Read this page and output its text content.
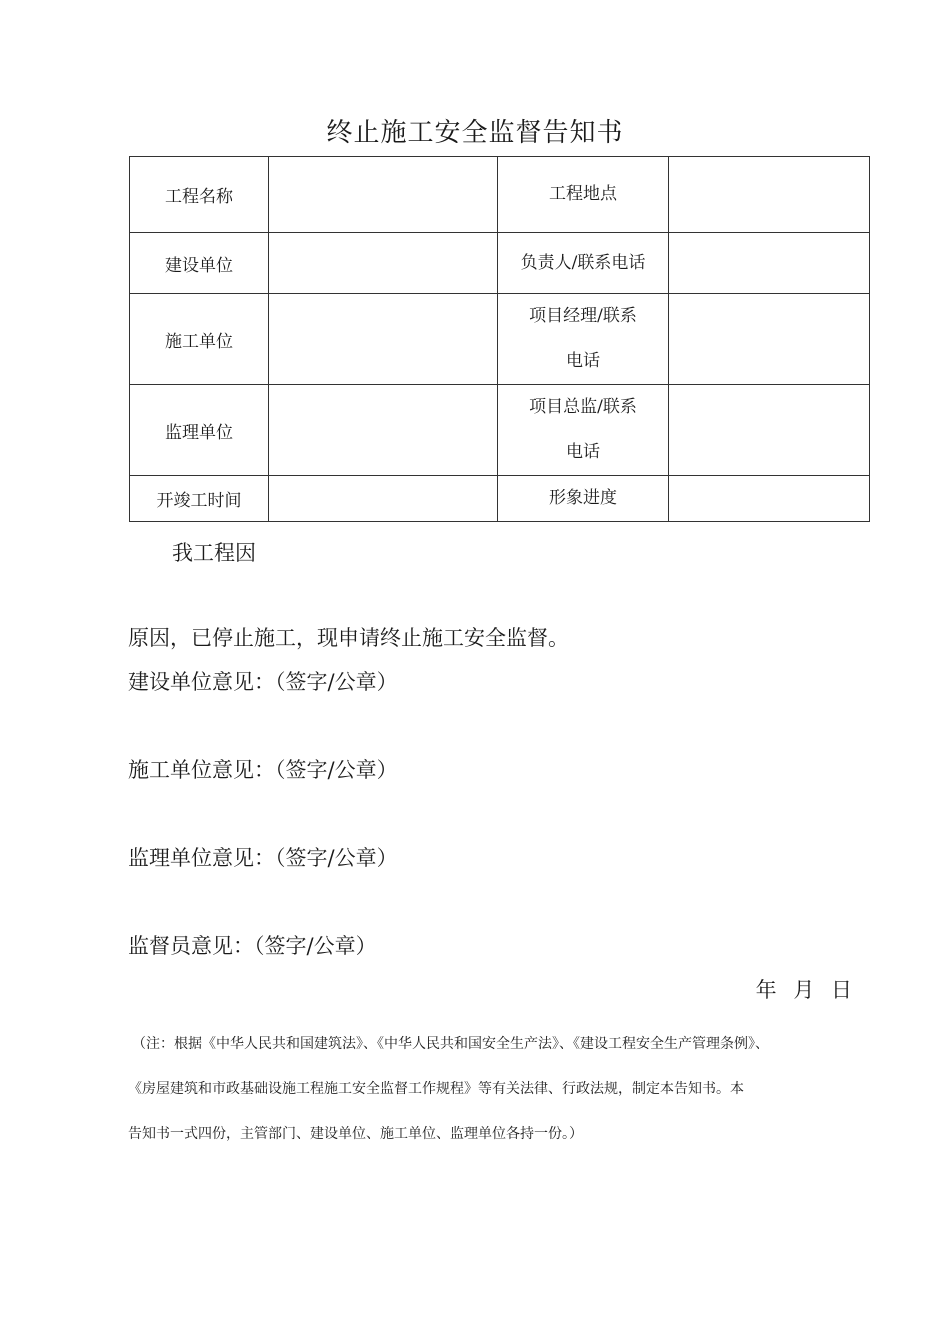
终止施工安全监督告知书
工程名称		工程地点	
建设单位		负责人/联系电话	
施工单位		项目经理/联系
电话	

监理单位		项目总监/联系
电话	

开竣工时间		形象进度	
我工程因
原因，已停止施工，现申请终止施工安全监督。
建设单位意见：（签字/公章）
施工单位意见：（签字/公章）
监理单位意见：（签字/公章）
监督员意见：（签字/公章）
年 月 日
（注：根据《中华人民共和国建筑法》、《中华人民共和国安全生产法》、《建设工程安全生产管理条例》、
《房屋建筑和市政基础设施工程施工安全监督工作规程》等有关法律、行政法规，制定本告知书。本
告知书一式四份，主管部门、建设单位、施工单位、监理单位各持一份。）
